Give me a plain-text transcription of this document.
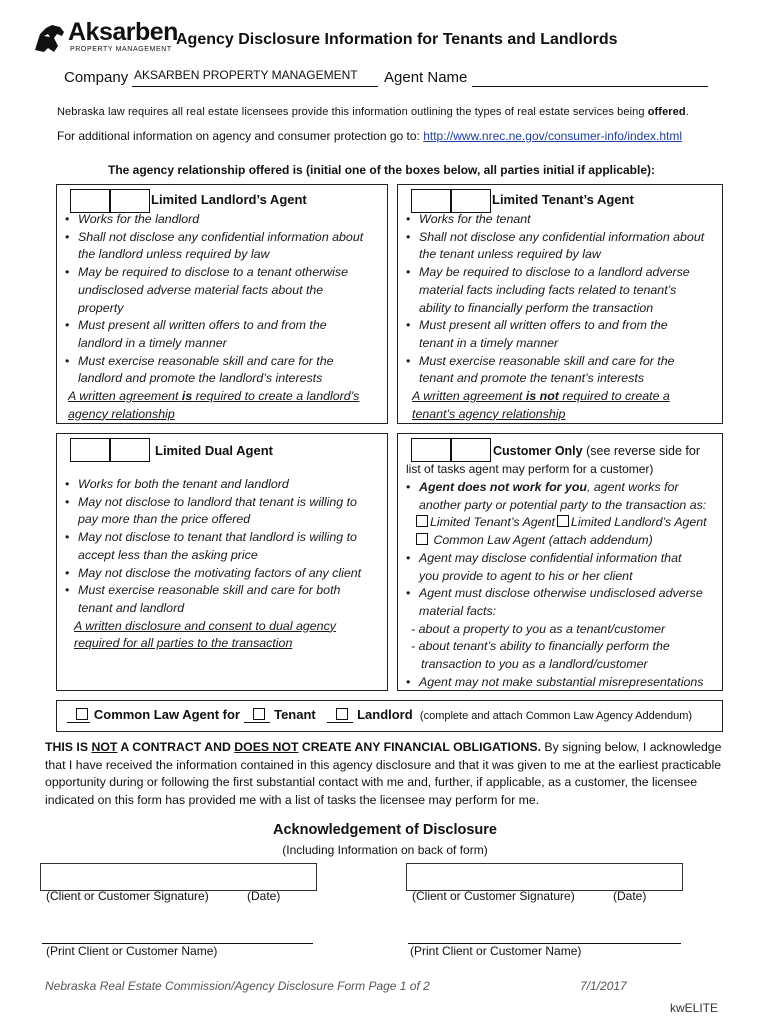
Aksarben
PROPERTY MANAGEMENT
Agency Disclosure Information for Tenants and Landlords
Company AKSARBEN PROPERTY MANAGEMENT Agent Name
Nebraska law requires all real estate licensees provide this information outlining the types of real estate services being offered.
For additional information on agency and consumer protection go to: http://www.nrec.ne.gov/consumer-info/index.html
The agency relationship offered is (initial one of the boxes below, all parties initial if applicable):
Limited Landlord’s Agent
• Works for the landlord
• Shall not disclose any confidential information about
the landlord unless required by law
• May be required to disclose to a tenant otherwise
undisclosed adverse material facts about the
property
• Must present all written offers to and from the
landlord in a timely manner
• Must exercise reasonable skill and care for the
landlord and promote the landlord’s interests
A written agreement is required to create a landlord’s
agency relationship
Limited Tenant’s Agent
• Works for the tenant
• Shall not disclose any confidential information about
the tenant unless required by law
• May be required to disclose to a landlord adverse
material facts including facts related to tenant’s
ability to financially perform the transaction
• Must present all written offers to and from the
tenant in a timely manner
• Must exercise reasonable skill and care for the
tenant and promote the tenant’s interests
A written agreement is not required to create a
tenant’s agency relationship
Limited Dual Agent
• Works for both the tenant and landlord
• May not disclose to landlord that tenant is willing to
pay more than the price offered
• May not disclose to tenant that landlord is willing to
accept less than the asking price
• May not disclose the motivating factors of any client
• Must exercise reasonable skill and care for both
tenant and landlord
A written disclosure and consent to dual agency
required for all parties to the transaction
Customer Only (see reverse side for
list of tasks agent may perform for a customer)
• Agent does not work for you, agent works for
another party or potential party to the transaction as:
Limited Tenant’s Agent Limited Landlord’s Agent
Common Law Agent (attach addendum)
• Agent may disclose confidential information that
you provide to agent to his or her client
• Agent must disclose otherwise undisclosed adverse
material facts:
- about a property to you as a tenant/customer
- about tenant’s ability to financially perform the
transaction to you as a landlord/customer
• Agent may not make substantial misrepresentations
Common Law Agent for     Tenant	Landlord (complete and attach Common Law Agency Addendum)
THIS IS NOT A CONTRACT AND DOES NOT CREATE ANY FINANCIAL OBLIGATIONS. By signing below, I acknowledge that I have received the information contained in this agency disclosure and that it was given to me at the earliest practicable opportunity during or following the first substantial contact with me and, further, if applicable, as a customer, the licensee indicated on this form has provided me with a list of tasks the licensee may perform for me.
Acknowledgement of Disclosure
(Including Information on back of form)
(Client or Customer Signature)	(Date)	(Client or Customer Signature)	(Date)
(Print Client or Customer Name)	(Print Client or Customer Name)
Nebraska Real Estate Commission/Agency Disclosure Form Page 1 of 2	7/1/2017
kwELITE
